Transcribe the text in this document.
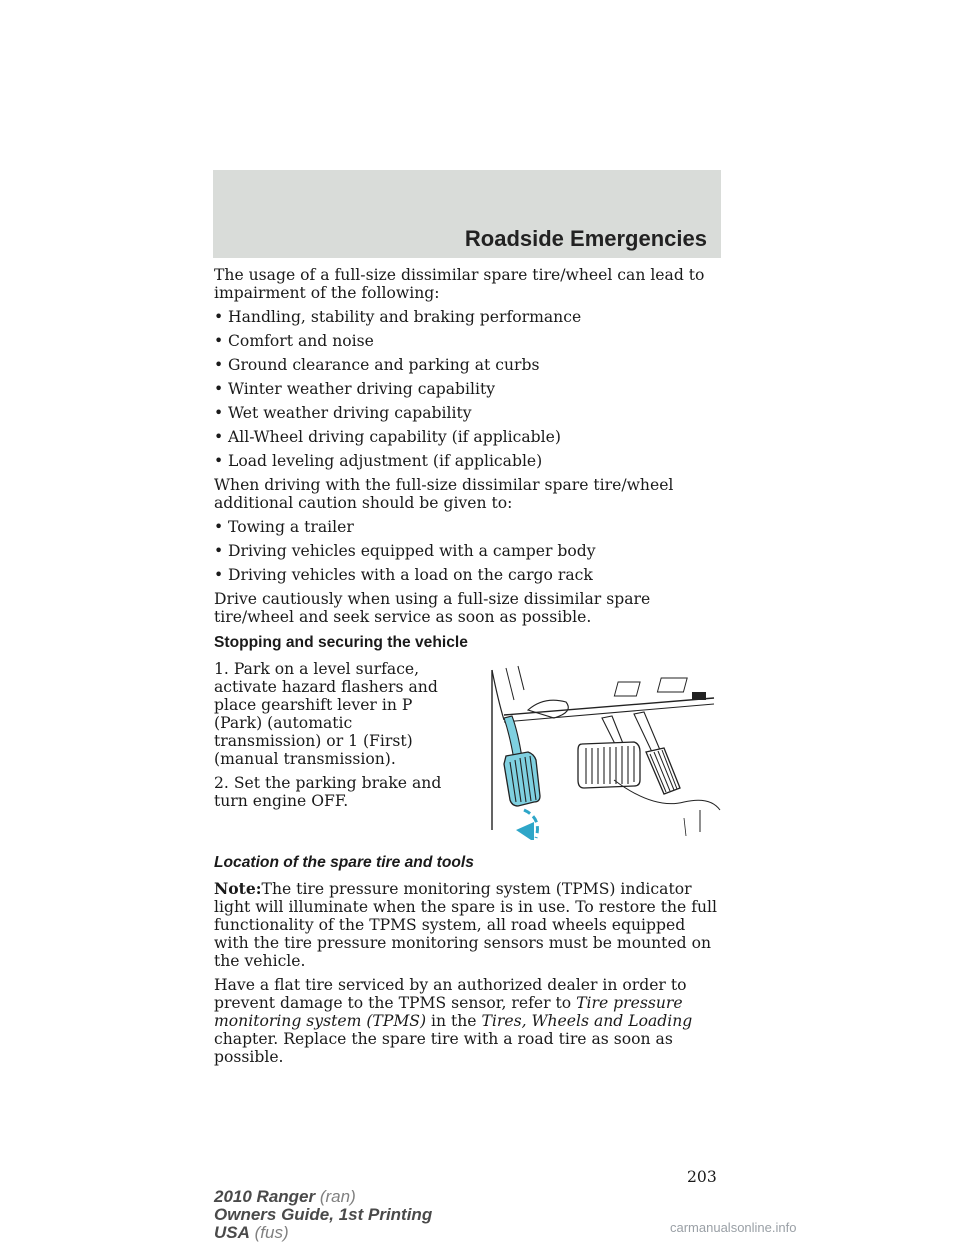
Roadside Emergencies

The usage of a full-size dissimilar spare tire/wheel can lead to impairment of the following:

• Handling, stability and braking performance
• Comfort and noise
• Ground clearance and parking at curbs
• Winter weather driving capability
• Wet weather driving capability
• All-Wheel driving capability (if applicable)
• Load leveling adjustment (if applicable)

When driving with the full-size dissimilar spare tire/wheel additional caution should be given to:

• Towing a trailer
• Driving vehicles equipped with a camper body
• Driving vehicles with a load on the cargo rack

Drive cautiously when using a full-size dissimilar spare tire/wheel and seek service as soon as possible.

Stopping and securing the vehicle

1. Park on a level surface, activate hazard flashers and place gearshift lever in P (Park) (automatic transmission) or 1 (First) (manual transmission).

2. Set the parking brake and turn engine OFF.

Location of the spare tire and tools

Note:The tire pressure monitoring system (TPMS) indicator light will illuminate when the spare is in use. To restore the full functionality of the TPMS system, all road wheels equipped with the tire pressure monitoring sensors must be mounted on the vehicle.

Have a flat tire serviced by an authorized dealer in order to prevent damage to the TPMS sensor, refer to Tire pressure monitoring system (TPMS) in the Tires, Wheels and Loading chapter. Replace the spare tire with a road tire as soon as possible.

203
2010 Ranger (ran)
Owners Guide, 1st Printing
USA (fus)	carmanualsonline.info
